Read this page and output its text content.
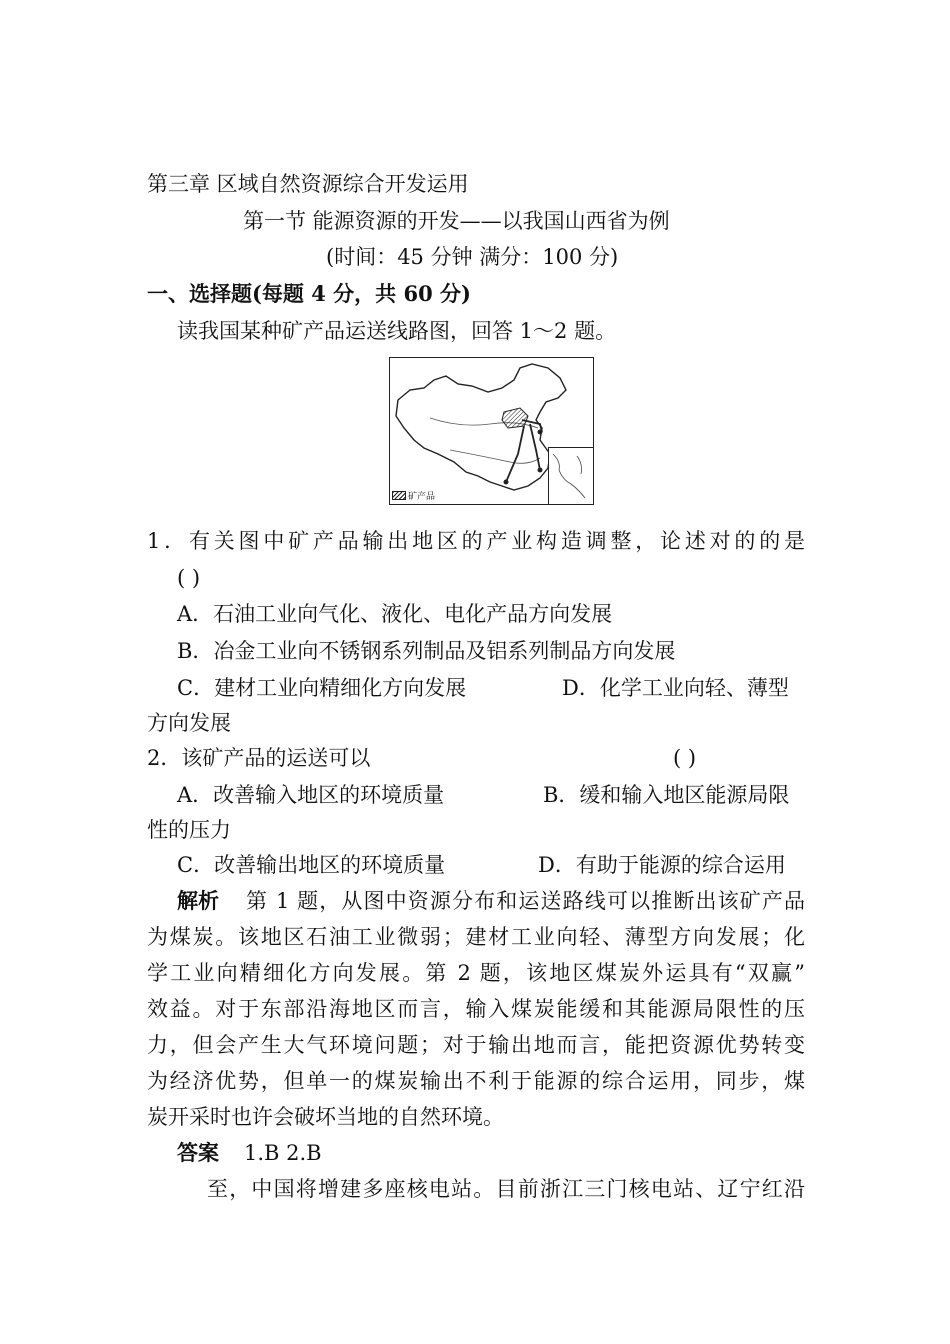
第三章 区域自然资源综合开发运用
第一节 能源资源的开发——以我国山西省为例
(时间：45 分钟 满分：100 分)
一、选择题(每题 4 分，共 60 分)
读我国某种矿产品运送线路图，回答 1～2 题。
矿产品
1．有关图中矿产品输出地区的产业构造调整，论述对的的是
( )
A．石油工业向气化、液化、电化产品方向发展
B．冶金工业向不锈钢系列制品及铝系列制品方向发展
C．建材工业向精细化方向发展	D．化学工业向轻、薄型
方向发展
2．该矿产品的运送可以	( )
A．改善输入地区的环境质量	B．缓和输入地区能源局限
性的压力
C．改善输出地区的环境质量	D．有助于能源的综合运用
解析 第 1 题，从图中资源分布和运送路线可以推断出该矿产品
为煤炭。该地区石油工业微弱；建材工业向轻、薄型方向发展；化
学工业向精细化方向发展。第 2 题，该地区煤炭外运具有“双赢”
效益。对于东部沿海地区而言，输入煤炭能缓和其能源局限性的压
力，但会产生大气环境问题；对于输出地而言，能把资源优势转变
为经济优势，但单一的煤炭输出不利于能源的综合运用，同步，煤
炭开采时也许会破坏当地的自然环境。
答案 1.B 2.B
至，中国将增建多座核电站。目前浙江三门核电站、辽宁红沿
